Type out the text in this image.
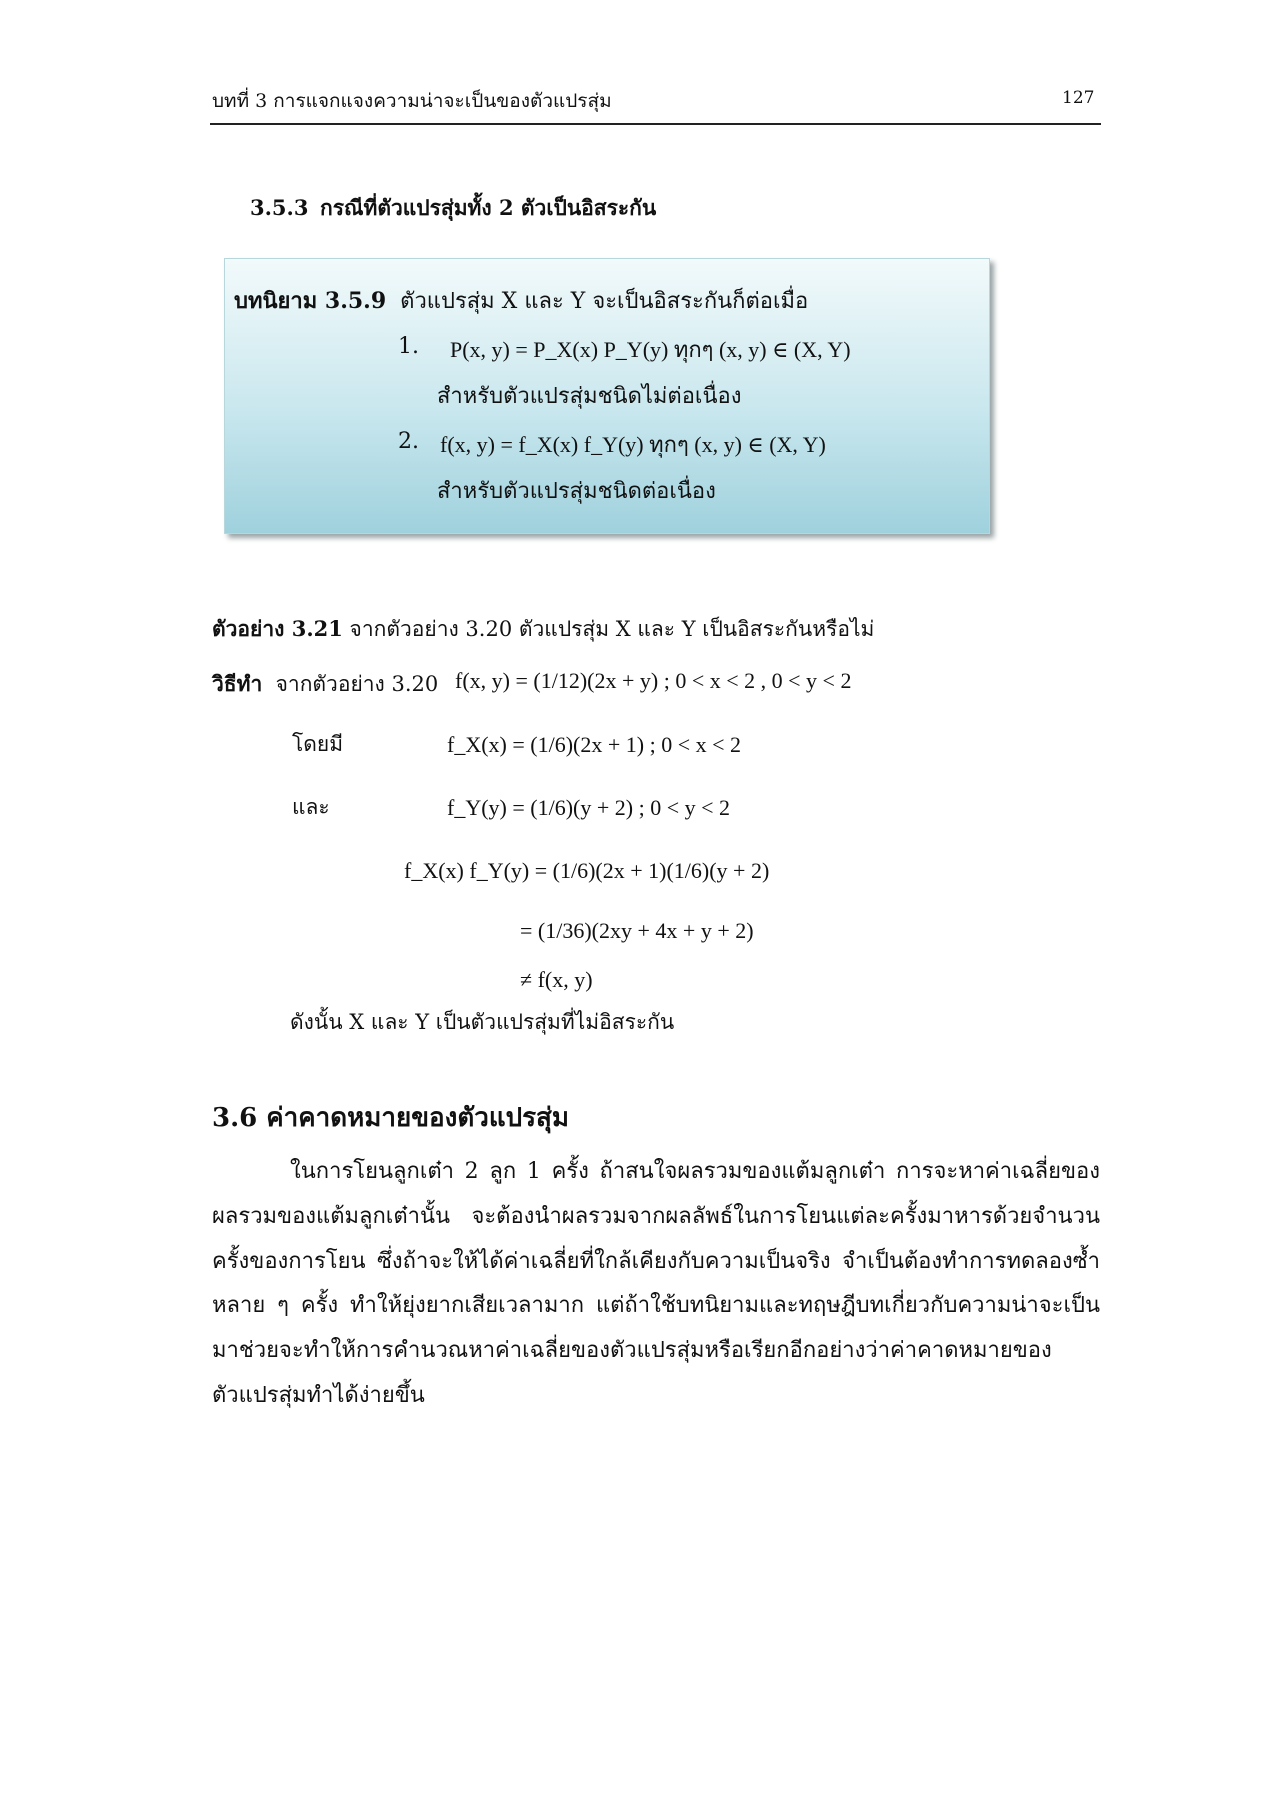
บทที่ 3 การแจกแจงความน่าจะเป็นของตัวแปรสุ่ม	127
3.5.3 กรณีที่ตัวแปรสุ่มทั้ง 2 ตัวเป็นอิสระกัน
บทนิยาม 3.5.9 ตัวแปรสุ่ม X และ Y จะเป็นอิสระกันก็ต่อเมื่อ
1. P(x, y) = P_X(x) P_Y(y) ทุกๆ (x, y) ∈ (X, Y)
สำหรับตัวแปรสุ่มชนิดไม่ต่อเนื่อง
2. f(x, y) = f_X(x) f_Y(y) ทุกๆ (x, y) ∈ (X, Y)
สำหรับตัวแปรสุ่มชนิดต่อเนื่อง
ตัวอย่าง 3.21 จากตัวอย่าง 3.20 ตัวแปรสุ่ม X และ Y เป็นอิสระกันหรือไม่
วิธีทำ จากตัวอย่าง 3.20 f(x, y) = (1/12)(2x + y) ; 0 < x < 2 , 0 < y < 2
โดยมี	f_X(x) = (1/6)(2x + 1) ; 0 < x < 2
และ	f_Y(y) = (1/6)(y + 2) ; 0 < y < 2
f_X(x) f_Y(y) = (1/6)(2x + 1)(1/6)(y + 2)
= (1/36)(2xy + 4x + y + 2)
≠ f(x, y)
ดังนั้น X และ Y เป็นตัวแปรสุ่มที่ไม่อิสระกัน
3.6 ค่าคาดหมายของตัวแปรสุ่ม
ในการโยนลูกเต๋า 2 ลูก 1 ครั้ง ถ้าสนใจผลรวมของแต้มลูกเต๋า การจะหาค่าเฉลี่ยของผลรวมของแต้มลูกเต๋านั้น จะต้องนำผลรวมจากผลลัพธ์ในการโยนแต่ละครั้งมาหารด้วยจำนวนครั้งของการโยน ซึ่งถ้าจะให้ได้ค่าเฉลี่ยที่ใกล้เคียงกับความเป็นจริง จำเป็นต้องทำการทดลองซ้ำหลาย ๆ ครั้ง ทำให้ยุ่งยากเสียเวลามาก แต่ถ้าใช้บทนิยามและทฤษฎีบทเกี่ยวกับความน่าจะเป็นมาช่วยจะทำให้การคำนวณหาค่าเฉลี่ยของตัวแปรสุ่มหรือเรียกอีกอย่างว่าค่าคาดหมายของตัวแปรสุ่มทำได้ง่ายขึ้น
